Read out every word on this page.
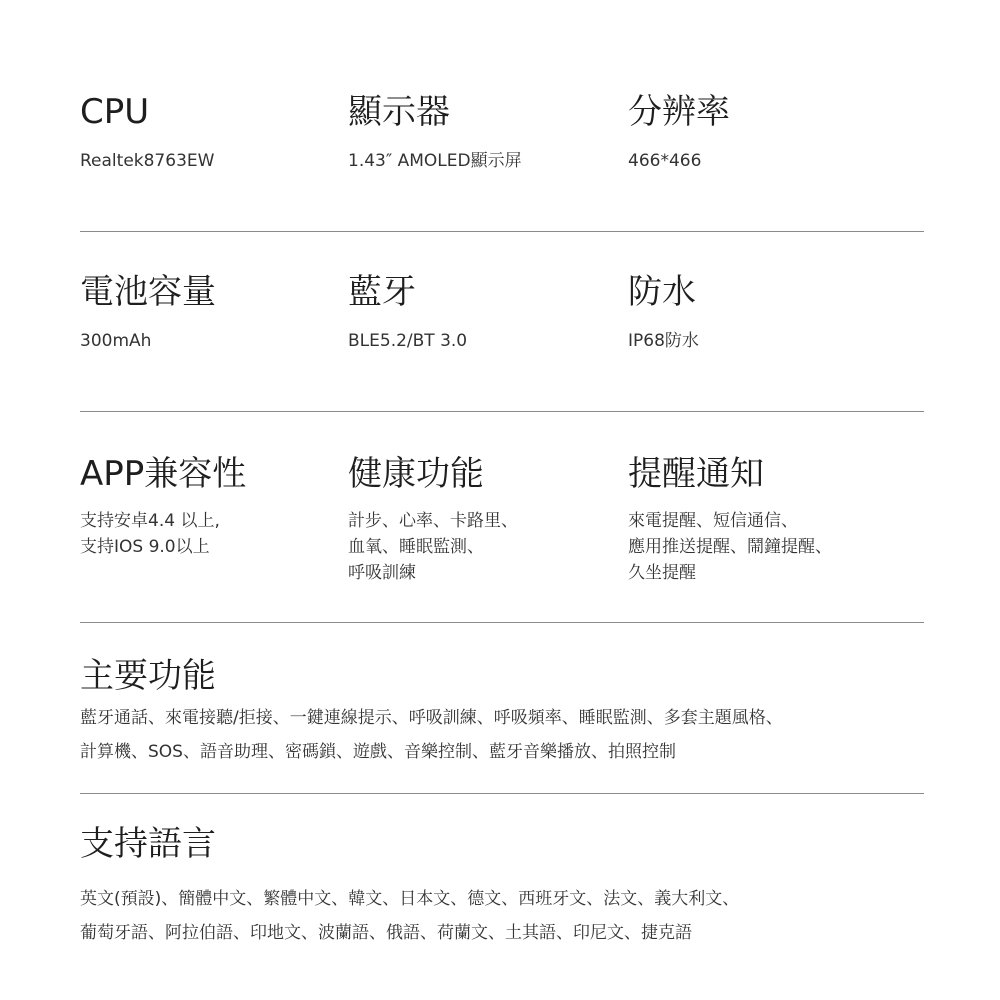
CPU

Realtek8763EW

顯示器

1.43″ AMOLED顯示屏

分辨率

466*466

電池容量

300mAh

藍牙

BLE5.2/BT 3.0

防水

IP68防水

APP兼容性

支持安卓4.4 以上,
支持IOS 9.0以上

健康功能

計步、心率、卡路里、
血氧、睡眠監測、
呼吸訓練

提醒通知

來電提醒、短信通信、
應用推送提醒、鬧鐘提醒、
久坐提醒

主要功能

藍牙通話、來電接聽/拒接、一鍵連線提示、呼吸訓練、呼吸頻率、睡眠監測、多套主題風格、
計算機、SOS、語音助理、密碼鎖、遊戲、音樂控制、藍牙音樂播放、拍照控制

支持語言

英文(預設)、簡體中文、繁體中文、韓文、日本文、德文、西班牙文、法文、義大利文、
葡萄牙語、阿拉伯語、印地文、波蘭語、俄語、荷蘭文、土其語、印尼文、捷克語
